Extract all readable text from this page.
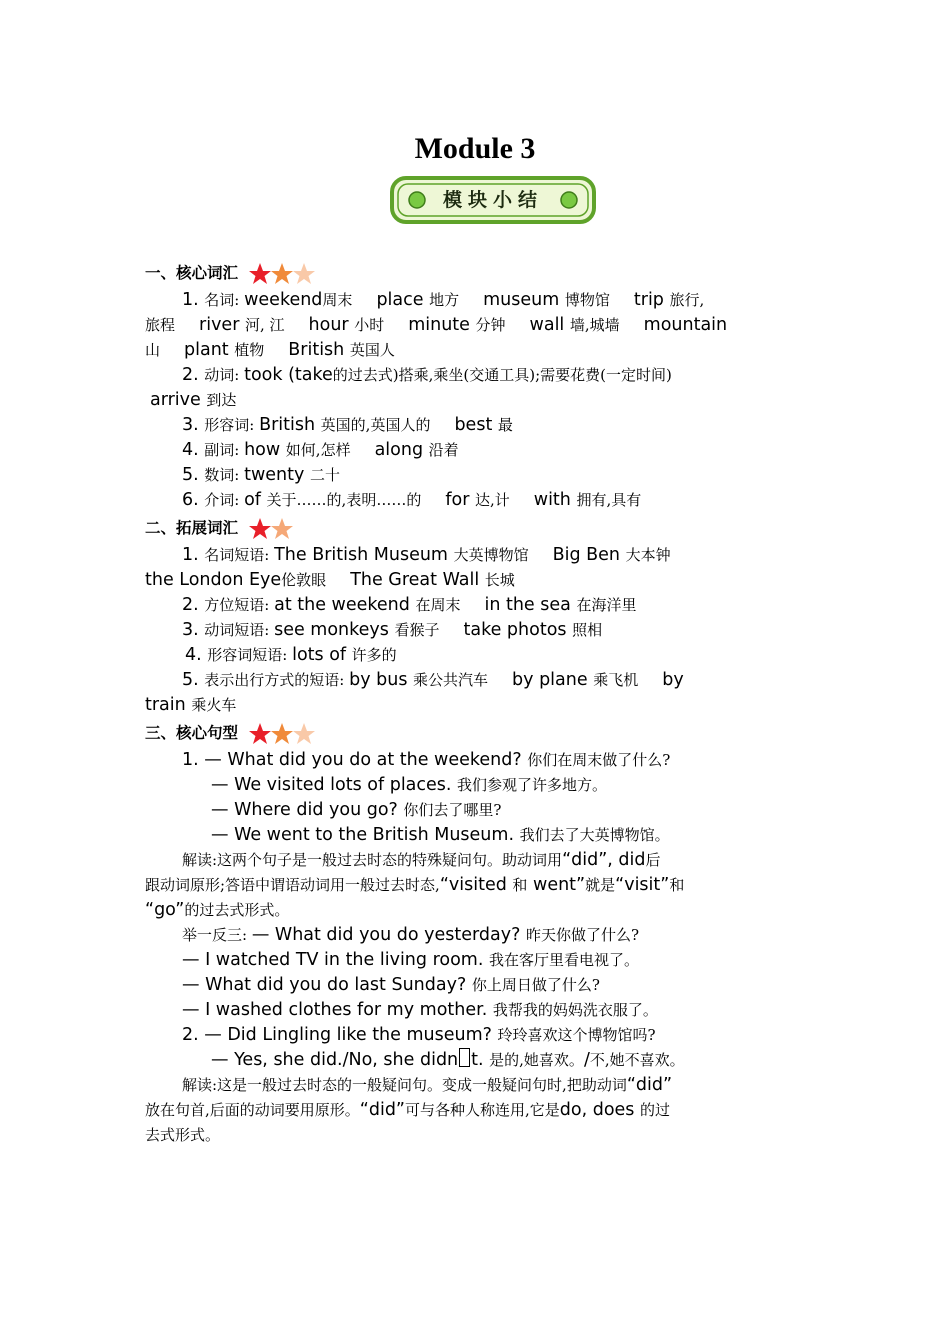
Module 3
模块小结
一、核心词汇
1. 名词: weekend周末 place 地方 museum 博物馆 trip 旅行,
旅程 river 河, 江 hour 小时 minute 分钟 wall 墙,城墙 mountain
山 plant 植物 British 英国人
2. 动词: took (take的过去式)搭乘,乘坐(交通工具);需要花费(一定时间)
arrive 到达
3. 形容词: British 英国的,英国人的 best 最
4. 副词: how 如何,怎样 along 沿着
5. 数词: twenty 二十
6. 介词: of 关于……的,表明……的 for 达,计 with 拥有,具有
二、拓展词汇
1. 名词短语: The British Museum 大英博物馆 Big Ben 大本钟
the London Eye伦敦眼 The Great Wall 长城
2. 方位短语: at the weekend 在周末 in the sea 在海洋里
3. 动词短语: see monkeys 看猴子 take photos 照相
4. 形容词短语: lots of 许多的
5. 表示出行方式的短语: by bus 乘公共汽车 by plane 乘飞机 by
train 乘火车
三、核心句型
1. — What did you do at the weekend? 你们在周末做了什么?
— We visited lots of places. 我们参观了许多地方。
— Where did you go? 你们去了哪里?
— We went to the British Museum. 我们去了大英博物馆。
解读:这两个句子是一般过去时态的特殊疑问句。助动词用“did”, did后
跟动词原形;答语中谓语动词用一般过去时态,“visited 和 went”就是“visit”和
“go”的过去式形式。
举一反三: — What did you do yesterday? 昨天你做了什么?
— I watched TV in the living room. 我在客厅里看电视了。
— What did you do last Sunday? 你上周日做了什么?
— I washed clothes for my mother. 我帮我的妈妈洗衣服了。
2. — Did Lingling like the museum? 玲玲喜欢这个博物馆吗?
— Yes, she did./No, she didn t. 是的,她喜欢。/不,她不喜欢。
解读:这是一般过去时态的一般疑问句。变成一般疑问句时,把助动词“did”
放在句首,后面的动词要用原形。“did”可与各种人称连用,它是do, does 的过
去式形式。
